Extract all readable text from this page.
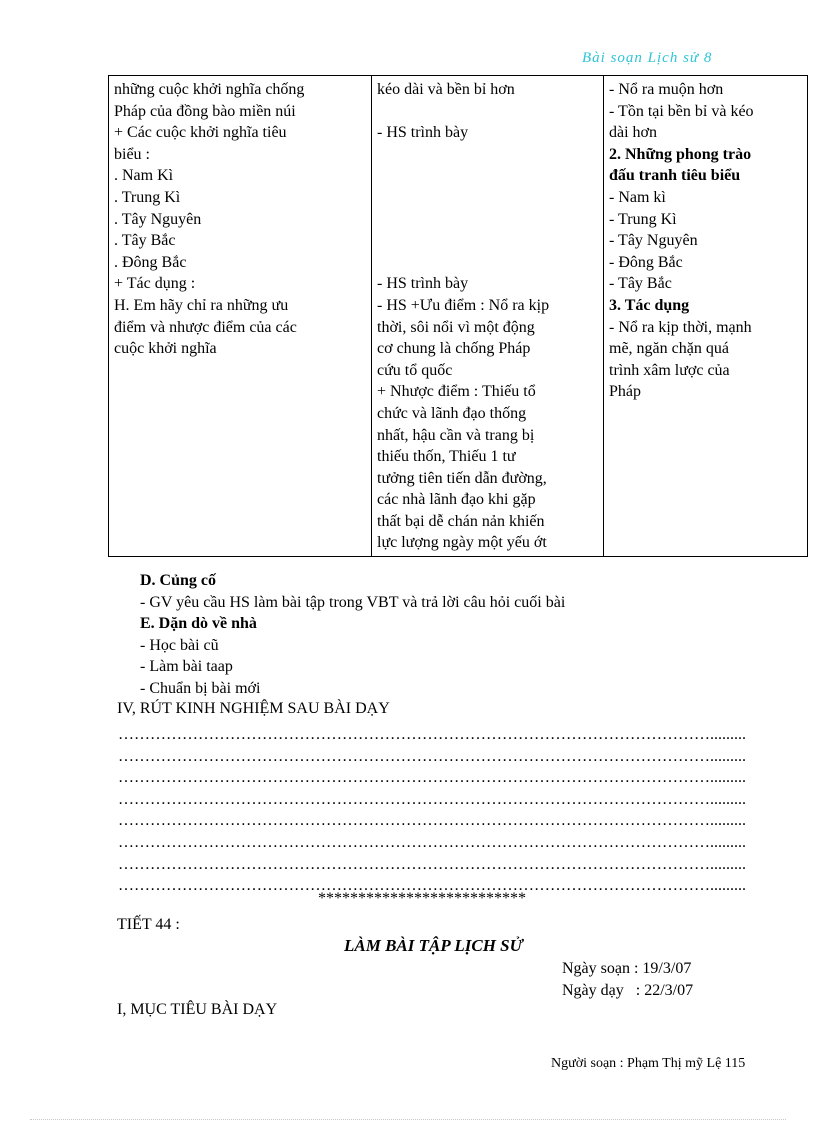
Bài soạn Lịch sử 8
những cuộc khởi nghĩa chống
Pháp của đồng bào miền núi
+ Các cuộc khởi nghĩa tiêu
biểu :
. Nam Kì
. Trung Kì
. Tây Nguyên
. Tây Bắc
. Đông Bắc
+ Tác dụng :
H. Em hãy chỉ ra những ưu
điểm và nhược điểm của các
cuộc khởi nghĩa

kéo dài và bền bỉ hơn
- HS trình bày
- HS trình bày
- HS +Ưu điểm : Nổ ra kịp
thời, sôi nổi vì một động
cơ chung là chống Pháp
cứu tổ quốc
+ Nhược điểm : Thiếu tổ
chức và lãnh đạo thống
nhất, hậu cần và trang bị
thiếu thốn, Thiếu 1 tư
tưởng tiên tiến dẫn đường,
các nhà lãnh đạo khi gặp
thất bại dễ chán nản khiến
lực lượng ngày một yếu ớt

- Nổ ra muộn hơn
- Tồn tại bền bỉ và kéo
dài hơn
2. Những phong trào
đấu tranh tiêu biểu
- Nam kì
- Trung Kì
- Tây Nguyên
- Đông Bắc
- Tây Bắc
3. Tác dụng
- Nổ ra kịp thời, mạnh
mẽ, ngăn chặn quá
trình xâm lược của
Pháp
D. Củng cố
- GV yêu cầu HS làm bài tập trong VBT và trả lời câu hỏi cuối bài
E. Dặn dò về nhà
- Học bài cũ
- Làm bài taap
- Chuẩn bị bài mới
IV, RÚT KINH NGHIỆM SAU BÀI DẠY
………………………………………………………………………………………………….........
………………………………………………………………………………………………….........
………………………………………………………………………………………………….........
………………………………………………………………………………………………….........
………………………………………………………………………………………………….........
………………………………………………………………………………………………….........
………………………………………………………………………………………………….........
………………………………………………………………………………………………….........
**************************
TIẾT 44 :
LÀM BÀI TẬP LỊCH SỬ
Ngày soạn : 19/3/07
Ngày dạy   : 22/3/07
I, MỤC TIÊU BÀI DẠY
Người soạn : Phạm Thị mỹ Lệ 115
